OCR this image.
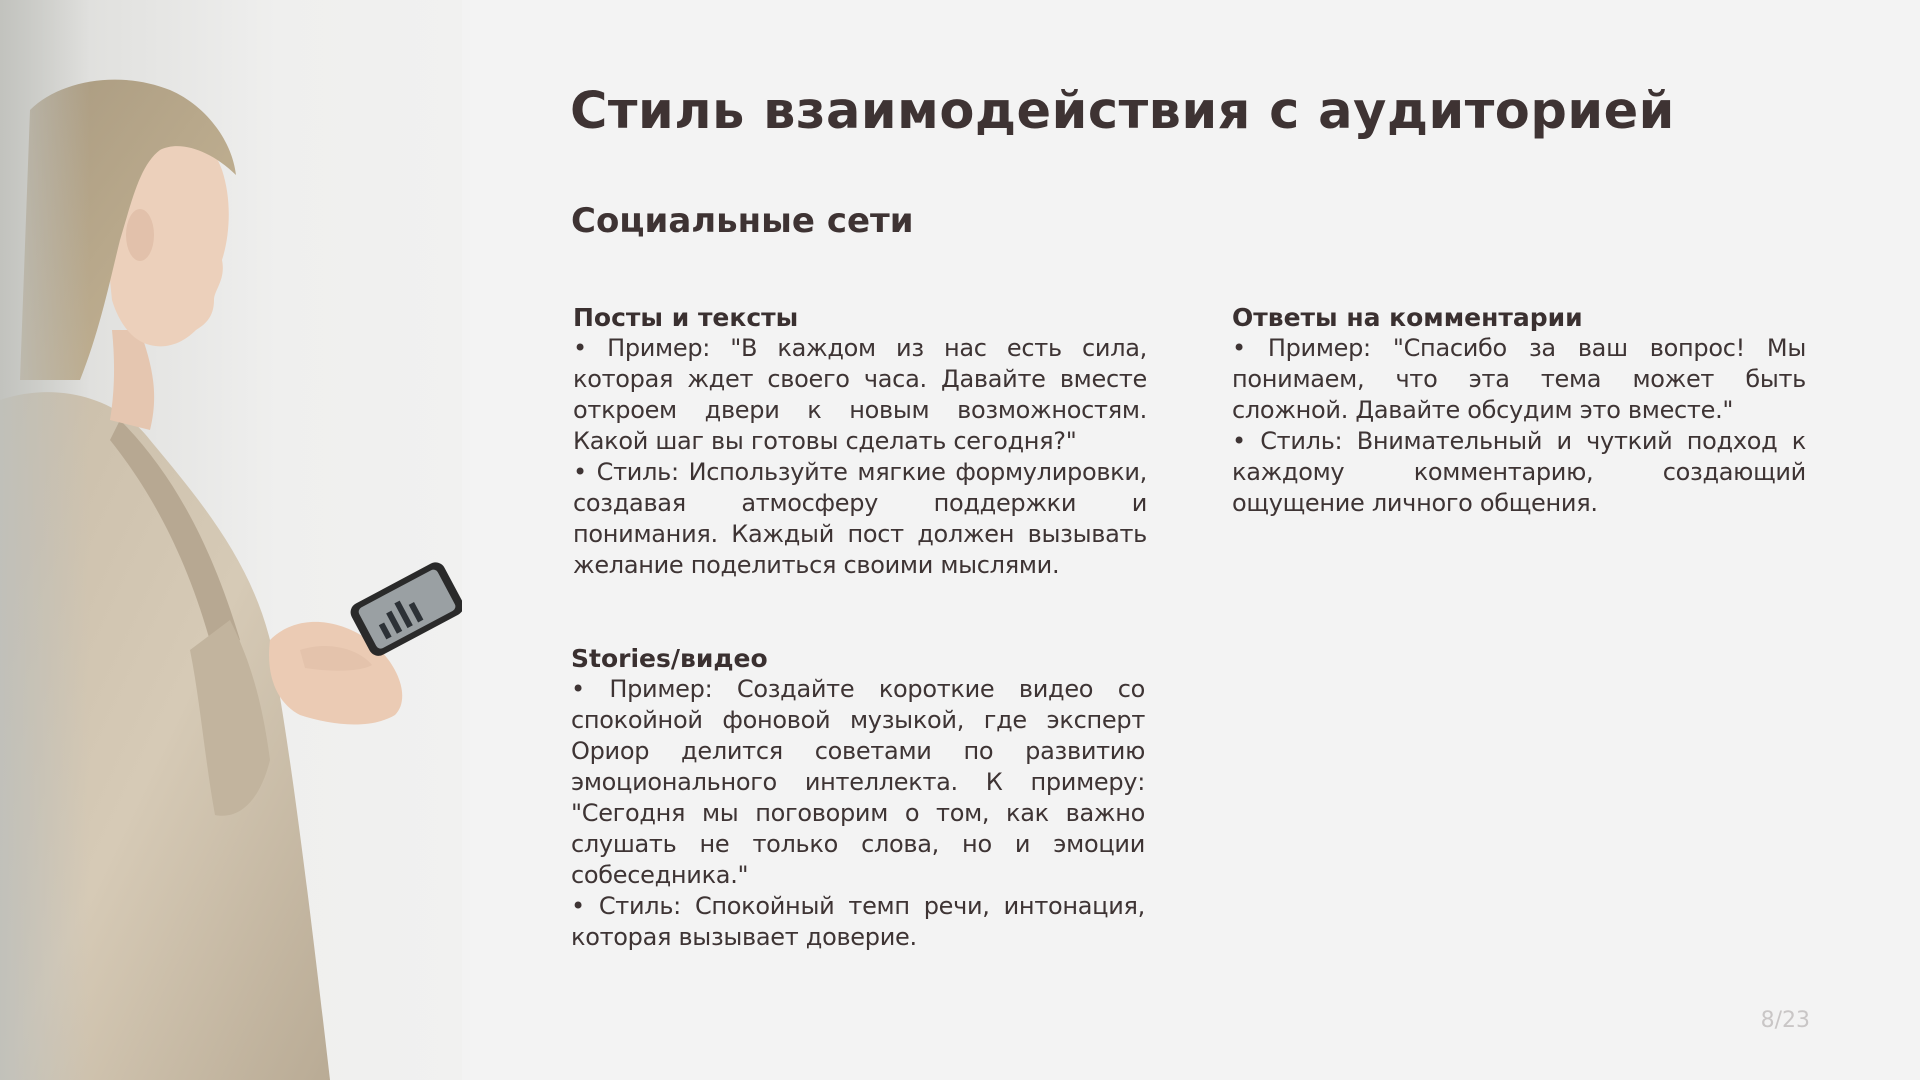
Стиль взаимодействия с аудиторией
Социальные сети
Посты и тексты

• Пример: "В каждом из нас есть сила, которая ждет своего часа. Давайте вместе откроем двери к новым возможностям. Какой шаг вы готовы сделать сегодня?"

• Стиль: Используйте мягкие формулировки, создавая атмосферу поддержки и понимания. Каждый пост должен вызывать желание поделиться своими мыслями.

Stories/видео

• Пример: Создайте короткие видео со спокойной фоновой музыкой, где эксперт Ориор делится советами по развитию эмоционального интеллекта. К примеру: "Сегодня мы поговорим о том, как важно слушать не только слова, но и эмоции собеседника."

• Стиль: Спокойный темп речи, интонация, которая вызывает доверие.

Ответы на комментарии

• Пример: "Спасибо за ваш вопрос! Мы понимаем, что эта тема может быть сложной. Давайте обсудим это вместе."

• Стиль: Внимательный и чуткий подход к каждому комментарию, создающий ощущение личного общения.

8/23
